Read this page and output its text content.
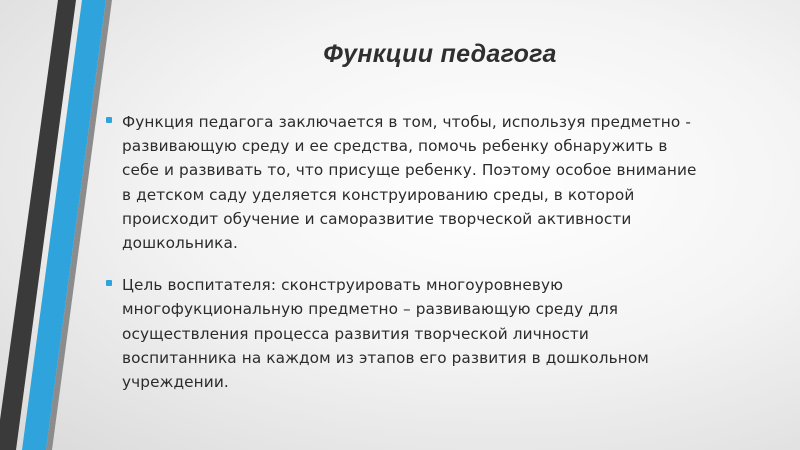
Функции педагога
Функция педагога заключается в том, чтобы, используя предметно -
развивающую среду и ее средства, помочь ребенку обнаружить в
себе и развивать то, что присуще ребенку. Поэтому особое внимание
в детском саду уделяется конструированию среды, в которой
происходит обучение и саморазвитие творческой активности
дошкольника.
Цель воспитателя: сконструировать многоуровневую
многофукциональную предметно – развивающую среду для
осуществления процесса развития творческой личности
воспитанника на каждом из этапов его развития в дошкольном
учреждении.
